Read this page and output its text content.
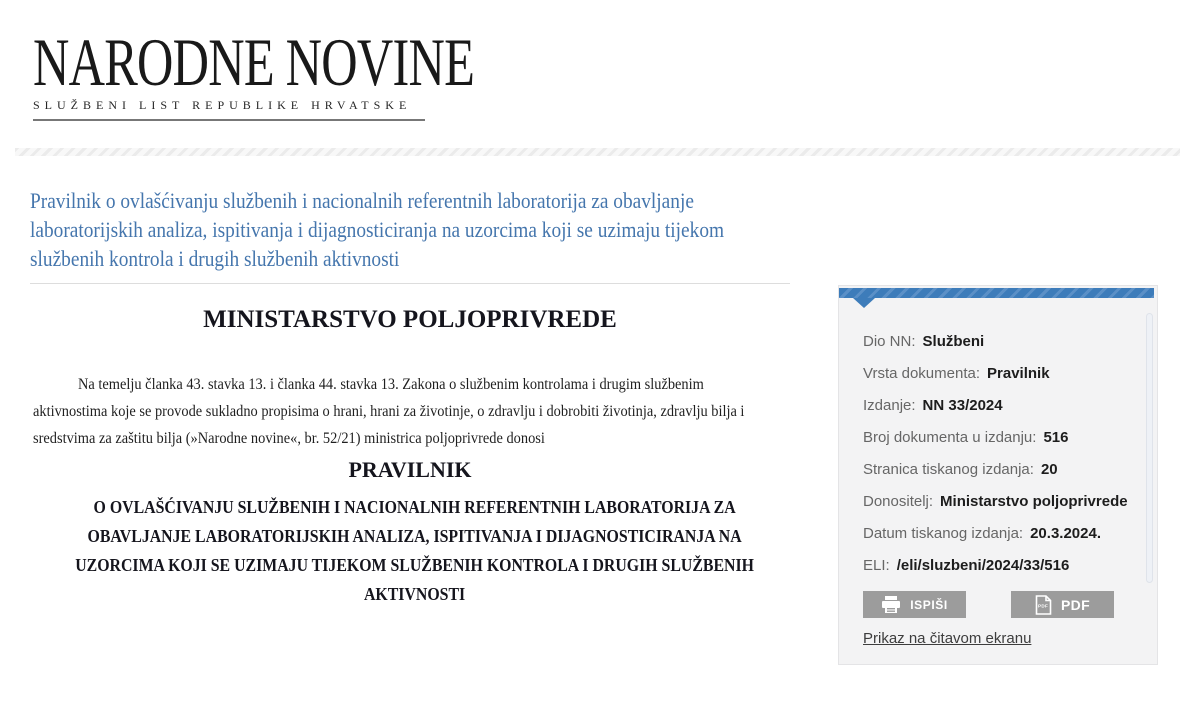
NARODNE NOVINE
SLUŽBENI LIST REPUBLIKE HRVATSKE
Pravilnik o ovlašćivanju službenih i nacionalnih referentnih laboratorija za obavljanje laboratorijskih analiza, ispitivanja i dijagnosticiranja na uzorcima koji se uzimaju tijekom službenih kontrola i drugih službenih aktivnosti
MINISTARSTVO POLJOPRIVREDE

Na temelju članka 43. stavka 13. i članka 44. stavka 13. Zakona o službenim kontrolama i drugim službenim aktivnostima koje se provode sukladno propisima o hrani, hrani za životinje, o zdravlju i dobrobiti životinja, zdravlju bilja i sredstvima za zaštitu bilja (»Narodne novine«, br. 52/21) ministrica poljoprivrede donosi

PRAVILNIK
O OVLAŠĆIVANJU SLUŽBENIH I NACIONALNIH REFERENTNIH LABORATORIJA ZA OBAVLJANJE LABORATORIJSKIH ANALIZA, ISPITIVANJA I DIJAGNOSTICIRANJA NA UZORCIMA KOJI SE UZIMAJU TIJEKOM SLUŽBENIH KONTROLA I DRUGIH SLUŽBENIH AKTIVNOSTI
Dio NN: Službeni
Vrsta dokumenta: Pravilnik
Izdanje: NN 33/2024
Broj dokumenta u izdanju: 516
Stranica tiskanog izdanja: 20
Donositelj: Ministarstvo poljoprivrede
Datum tiskanog izdanja: 20.3.2024.
ELI: /eli/sluzbeni/2024/33/516
ISPIŠI	PDF PDF
Prikaz na čitavom ekranu
